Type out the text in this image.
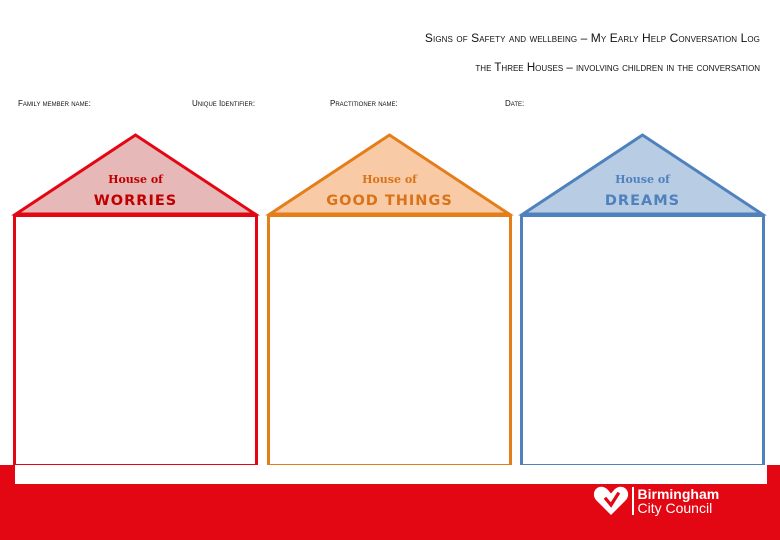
Signs of Safety and wellbeing – My Early Help Conversation Log
the Three Houses – involving children in the conversation
Family member name:	Unique Identifier:	Practitioner name:	Date:
House of
WORRIES
House of
GOOD THINGS
House of
DREAMS
Birmingham
City Council
